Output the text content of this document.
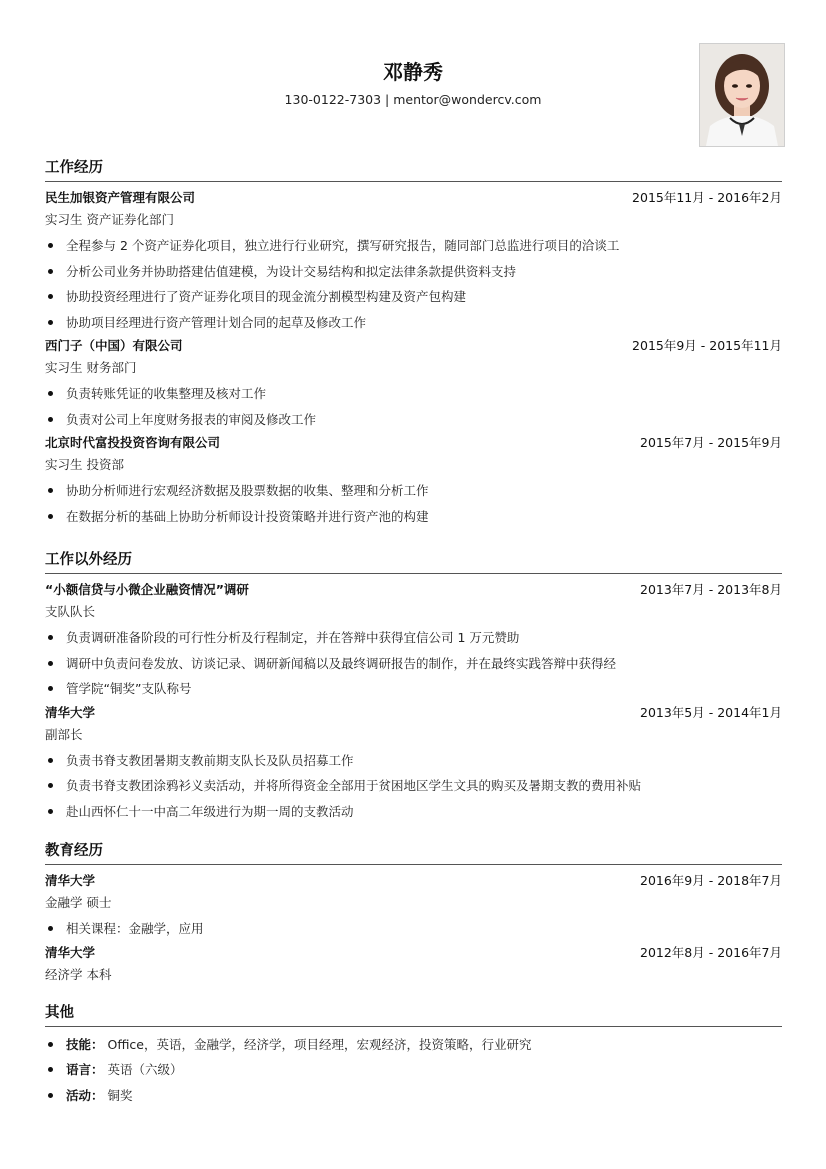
邓静秀
130-0122-7303 | mentor@wondercv.com
工作经历
民生加银资产管理有限公司	2015年11月 - 2016年2月
实习生 资产证券化部门
全程参与 2 个资产证券化项目，独立进行行业研究，撰写研究报告，随同部门总监进行项目的洽谈工
分析公司业务并协助搭建估值建模，为设计交易结构和拟定法律条款提供资料支持
协助投资经理进行了资产证券化项目的现金流分割模型构建及资产包构建
协助项目经理进行资产管理计划合同的起草及修改工作
西门子（中国）有限公司	2015年9月 - 2015年11月
实习生 财务部门
负责转账凭证的收集整理及核对工作
负责对公司上年度财务报表的审阅及修改工作
北京时代富投投资咨询有限公司	2015年7月 - 2015年9月
实习生 投资部
协助分析师进行宏观经济数据及股票数据的收集、整理和分析工作
在数据分析的基础上协助分析师设计投资策略并进行资产池的构建
工作以外经历
“小额信贷与小微企业融资情况”调研	2013年7月 - 2013年8月
支队队长
负责调研准备阶段的可行性分析及行程制定，并在答辩中获得宜信公司 1 万元赞助
调研中负责问卷发放、访谈记录、调研新闻稿以及最终调研报告的制作，并在最终实践答辩中获得经
管学院“铜奖”支队称号
清华大学	2013年5月 - 2014年1月
副部长
负责书脊支教团暑期支教前期支队长及队员招募工作
负责书脊支教团涂鸦衫义卖活动，并将所得资金全部用于贫困地区学生文具的购买及暑期支教的费用补贴
赴山西怀仁十一中高二年级进行为期一周的支教活动
教育经历
清华大学	2016年9月 - 2018年7月
金融学 硕士
相关课程：金融学，应用
清华大学	2012年8月 - 2016年7月
经济学 本科
其他
技能： Office，英语，金融学，经济学，项目经理，宏观经济，投资策略，行业研究
语言： 英语（六级）
活动： 铜奖
